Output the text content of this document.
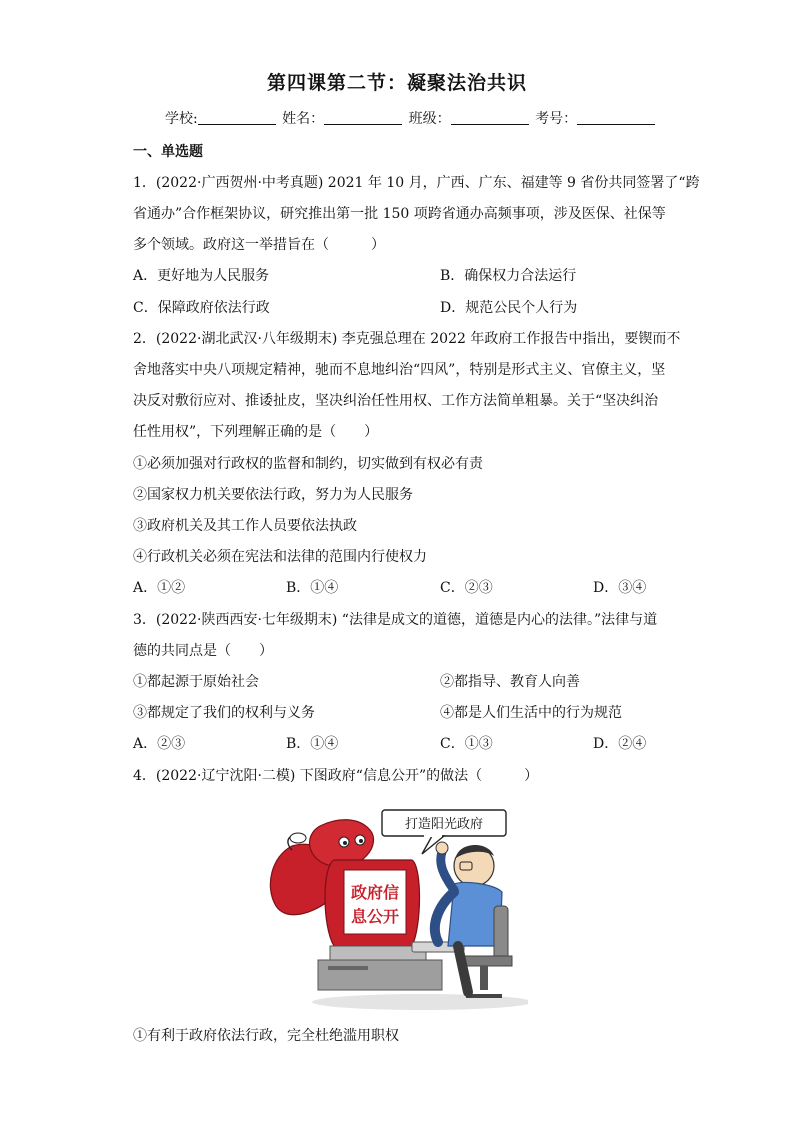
第四课第二节：凝聚法治共识
学校:	姓名：	班级：	考号：
一、单选题
1．(2022·广西贺州·中考真题) 2021 年 10 月，广西、广东、福建等 9 省份共同签署了“跨
省通办”合作框架协议，研究推出第一批 150 项跨省通办高频事项，涉及医保、社保等
多个领域。政府这一举措旨在（　　　）
A．更好地为人民服务	B．确保权力合法运行
C．保障政府依法行政	D．规范公民个人行为
2．(2022·湖北武汉·八年级期末) 李克强总理在 2022 年政府工作报告中指出，要锲而不
舍地落实中央八项规定精神，驰而不息地纠治“四风”，特别是形式主义、官僚主义，坚
决反对敷衍应对、推诿扯皮，坚决纠治任性用权、工作方法简单粗暴。关于“坚决纠治
任性用权”，下列理解正确的是（　　）
①必须加强对行政权的监督和制约，切实做到有权必有责
②国家权力机关要依法行政，努力为人民服务
③政府机关及其工作人员要依法执政
④行政机关必须在宪法和法律的范围内行使权力
A．①②	B．①④	C．②③	D．③④
3．(2022·陕西西安·七年级期末) “法律是成文的道德，道德是内心的法律。”法律与道
德的共同点是（　　）
①都起源于原始社会	②都指导、教育人向善
③都规定了我们的权利与义务	④都是人们生活中的行为规范
A．②③	B．①④	C．①③	D．②④
4．(2022·辽宁沈阳·二模) 下图政府“信息公开”的做法（　　　）
打造阳光政府
政府信
息公开
①有利于政府依法行政，完全杜绝滥用职权
